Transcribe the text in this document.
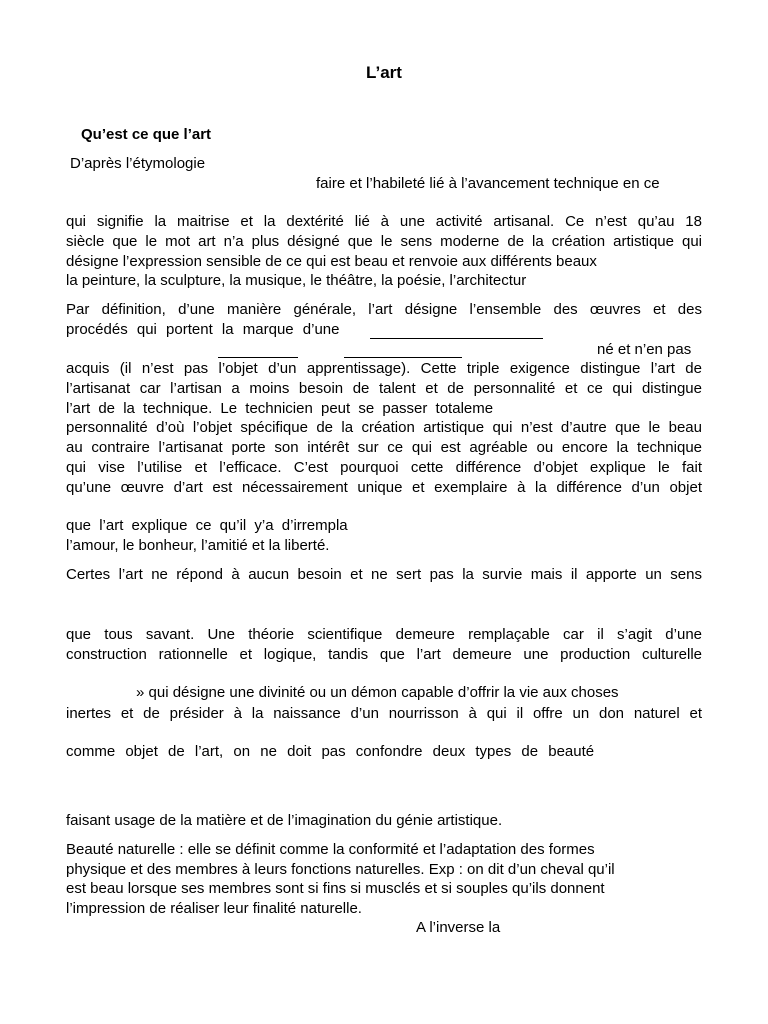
L’art
Qu’est ce que l’art
D’après l’étymologie
faire et l’habileté lié à l’avancement technique en ce
qui signifie la maitrise et la dextérité lié à une activité artisanal. Ce n’est qu’au 18
siècle que le mot art n’a plus désigné que le sens moderne de la création artistique qui
désigne l’expression sensible de ce qui est beau et renvoie aux différents beaux
la peinture, la sculpture, la musique, le théâtre, la poésie, l’architectur
Par définition, d’une manière générale, l’art désigne l’ensemble des œuvres et des
procédés qui portent la marque d’une
né et n’en pas
acquis (il n’est pas l’objet d’un apprentissage). Cette triple exigence distingue l’art de
l’artisanat car l’artisan a moins besoin de talent et de personnalité et ce qui distingue
l’art de la technique. Le technicien peut se passer totaleme
personnalité d’où l’objet spécifique de la création artistique qui n’est d’autre que le beau
au contraire l’artisanat porte son intérêt sur ce qui est agréable ou encore la technique
qui vise l’utilise et l’efficace. C’est pourquoi cette différence d’objet explique le fait
qu’une œuvre d’art est nécessairement unique et exemplaire à la différence d’un objet
que l’art explique ce qu’il y’a d’irrempla
l’amour, le bonheur, l’amitié et la liberté.
Certes l’art ne répond à aucun besoin et ne sert pas la survie mais il apporte un sens
que tous savant. Une théorie scientifique demeure remplaçable car il s’agit d’une
construction rationnelle et logique, tandis que l’art demeure une production culturelle
» qui désigne une divinité ou un démon capable d’offrir la vie aux choses
inertes et de présider à la naissance d’un nourrisson à qui il offre un don naturel et
comme objet de l’art, on ne doit pas confondre deux types de beauté
faisant usage de la matière et de l’imagination du génie artistique.
Beauté naturelle : elle se définit comme la conformité et l’adaptation des formes
physique et des membres à leurs fonctions naturelles. Exp : on dit d’un cheval qu’il
est beau lorsque ses membres sont si fins si musclés et si souples qu’ils donnent
l’impression de réaliser leur finalité naturelle.
A l’inverse la
